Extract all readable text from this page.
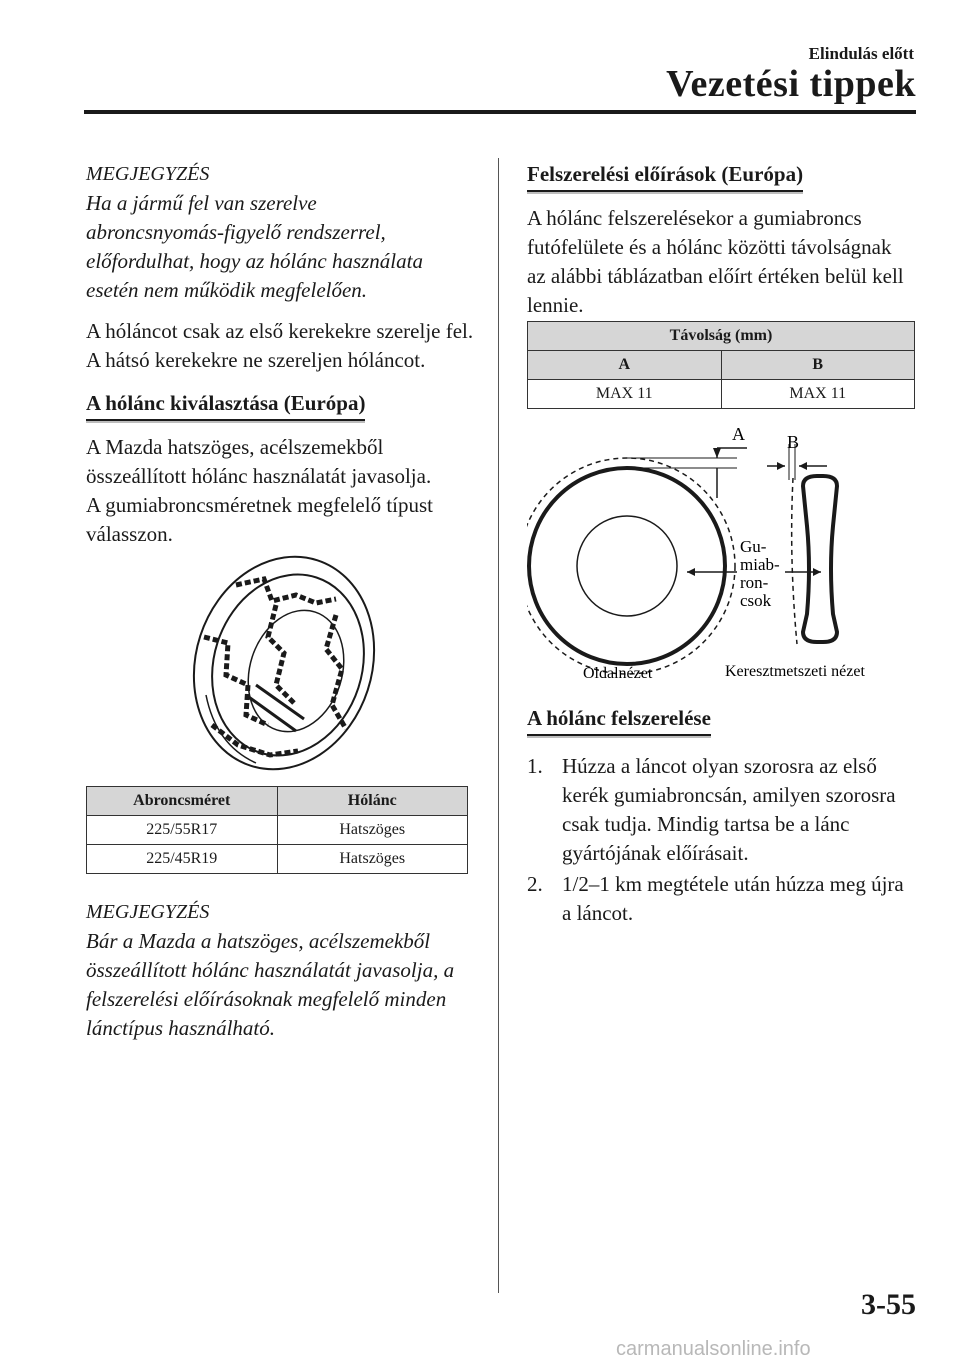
Elindulás előtt
Vezetési tippek
MEGJEGYZÉS
Ha a jármű fel van szerelve abroncsnyomás-figyelő rendszerrel, előfordulhat, hogy az hólánc használata esetén nem működik megfelelően.
A hóláncot csak az első kerekekre szerelje fel.
A hátsó kerekekre ne szereljen hóláncot.
A hólánc kiválasztása (Európa)
A Mazda hatszöges, acélszemekből összeállított hólánc használatát javasolja.
A gumiabroncsméretnek megfelelő típust válasszon.
Abroncsméret	Hólánc
225/55R17	Hatszöges
225/45R19	Hatszöges
MEGJEGYZÉS
Bár a Mazda a hatszöges, acélszemekből összeállított hólánc használatát javasolja, a felszerelési előírásoknak megfelelő minden lánctípus használható.
Felszerelési előírások (Európa)
A hólánc felszerelésekor a gumiabroncs futófelülete és a hólánc közötti távolságnak az alábbi táblázatban előírt értéken belül kell lennie.
Távolság (mm)	
A	B
MAX 11	MAX 11
A B
Gu-
miab-
ron-
csok
Oldalnézet	Keresztmetszeti nézet
A hólánc felszerelése
1. Húzza a láncot olyan szorosra az első kerék gumiabroncsán, amilyen szorosra csak tudja. Mindig tartsa be a lánc gyártójának előírásait.
2. 1/2–1 km megtétele után húzza meg újra a láncot.
3-55
carmanualsonline.info
